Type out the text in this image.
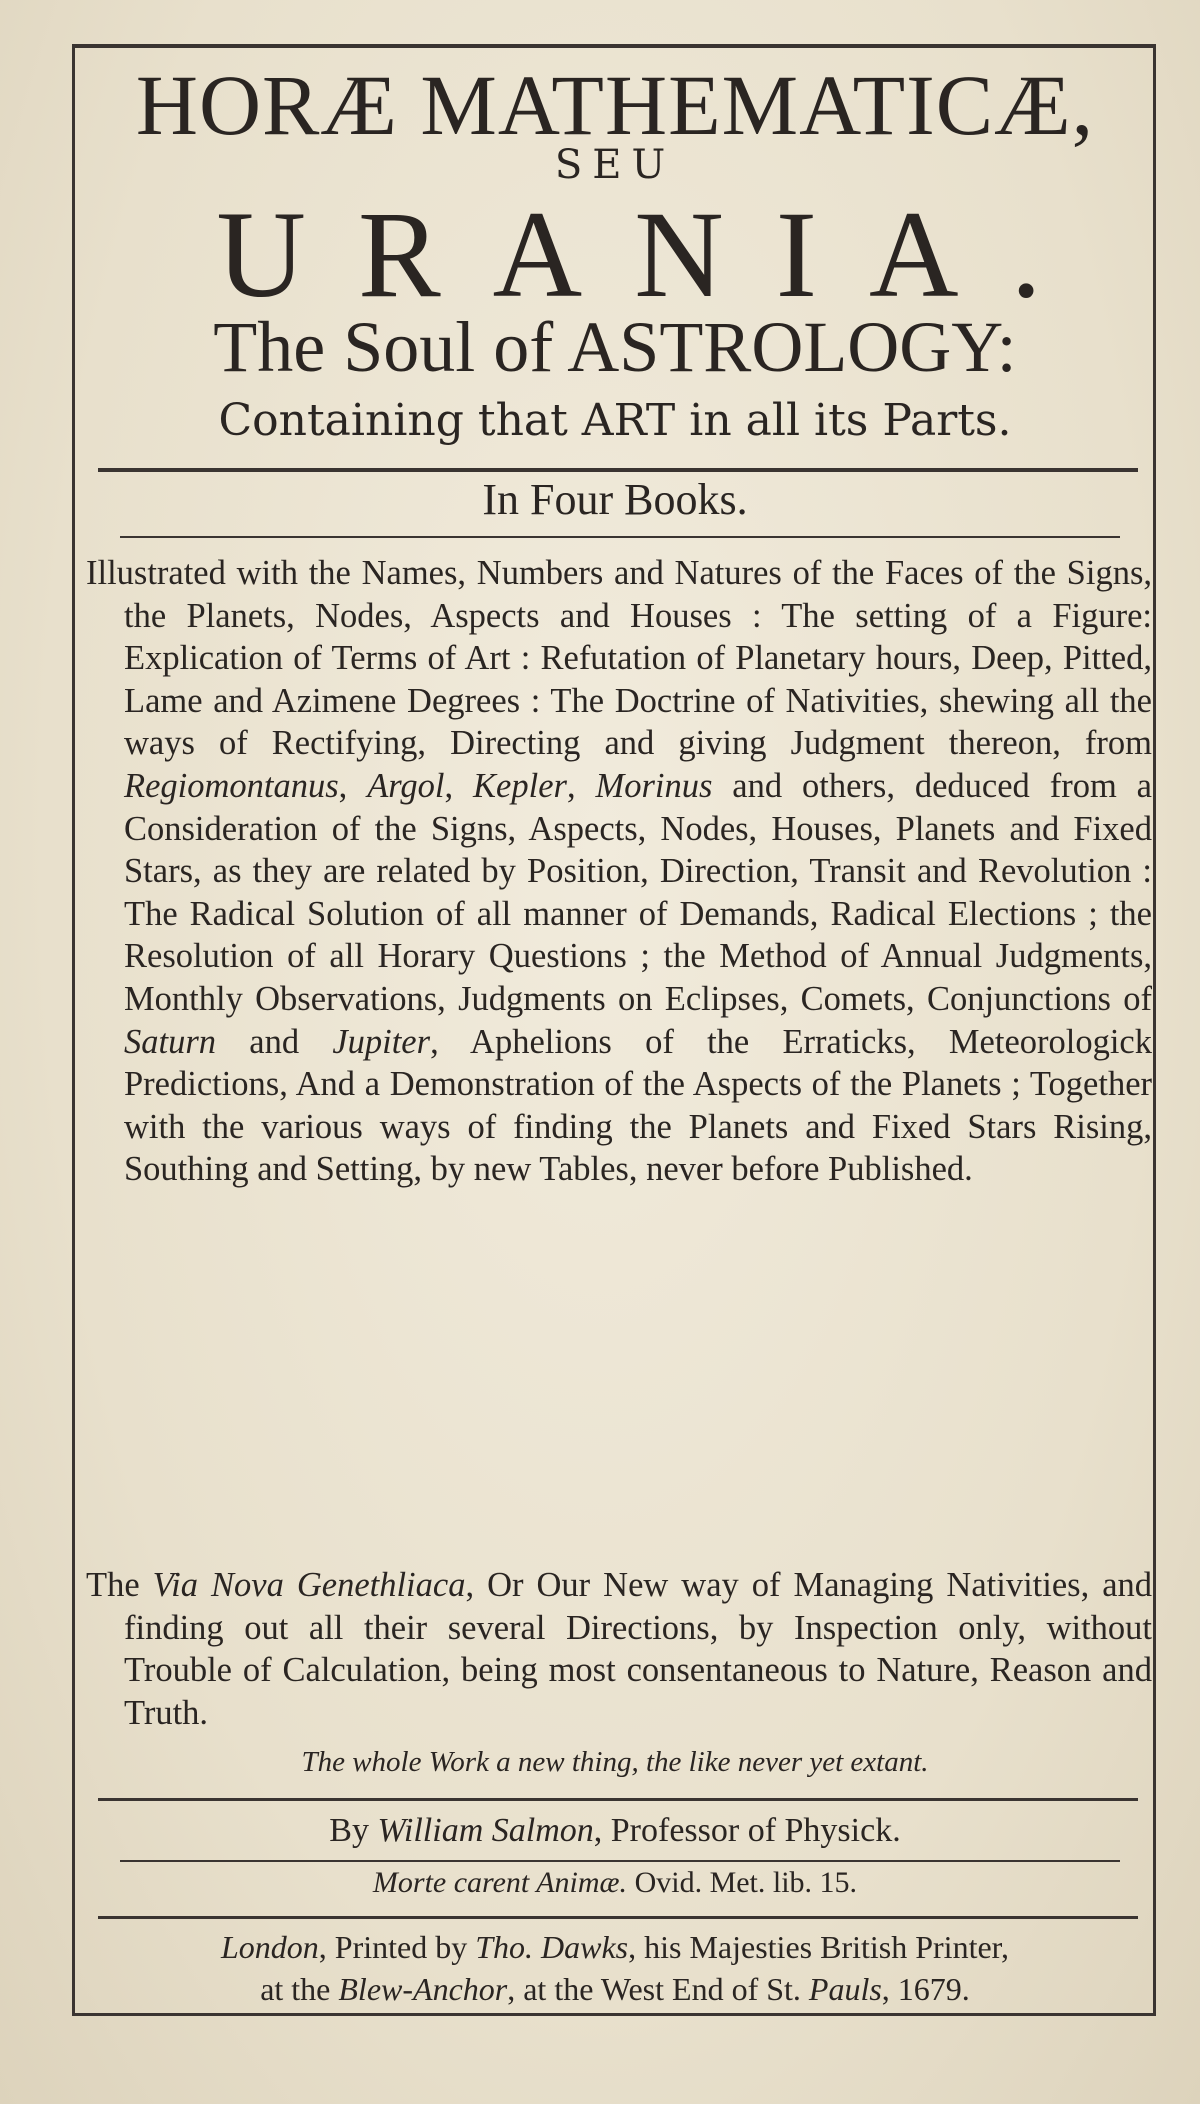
HORÆ MATHEMATICÆ,
SEU
URANIA.
The Soul of ASTROLOGY:
Containing that ART in all its Parts.
In Four Books.

Illustrated with the Names, Numbers and Natures of the Faces of the Signs, the Planets, Nodes, Aspects and Houses : The setting of a Figure: Explication of Terms of Art : Refutation of Planetary hours, Deep, Pitted, Lame and Azimene Degrees : The Doctrine of Nativities, shewing all the ways of Rectifying, Directing and giving Judgment thereon, from Regiomontanus, Argol, Kepler, Morinus and others, deduced from a Consideration of the Signs, Aspects, Nodes, Houses, Planets and Fixed Stars, as they are related by Position, Direction, Transit and Revolution : The Radical Solution of all manner of Demands, Radical Elections ; the Resolution of all Horary Questions ; the Method of Annual Judgments, Monthly Observations, Judgments on Eclipses, Comets, Conjunctions of Saturn and Jupiter, Aphelions of the Erraticks, Meteorologick Predictions, And a Demonstration of the Aspects of the Planets ; Together with the various ways of finding the Planets and Fixed Stars Rising, Southing and Setting, by new Tables, never before Published.

The Via Nova Genethliaca, Or Our New way of Managing Nativities, and finding out all their several Directions, by Inspection only, without Trouble of Calculation, being most consentaneous to Nature, Reason and Truth.

The whole Work a new thing, the like never yet extant.
By William Salmon, Professor of Physick.
Morte carent Animæ. Ovid. Met. lib. 15.
London, Printed by Tho. Dawks, his Majesties British Printer,
at the Blew-Anchor, at the West End of St. Pauls, 1679.
